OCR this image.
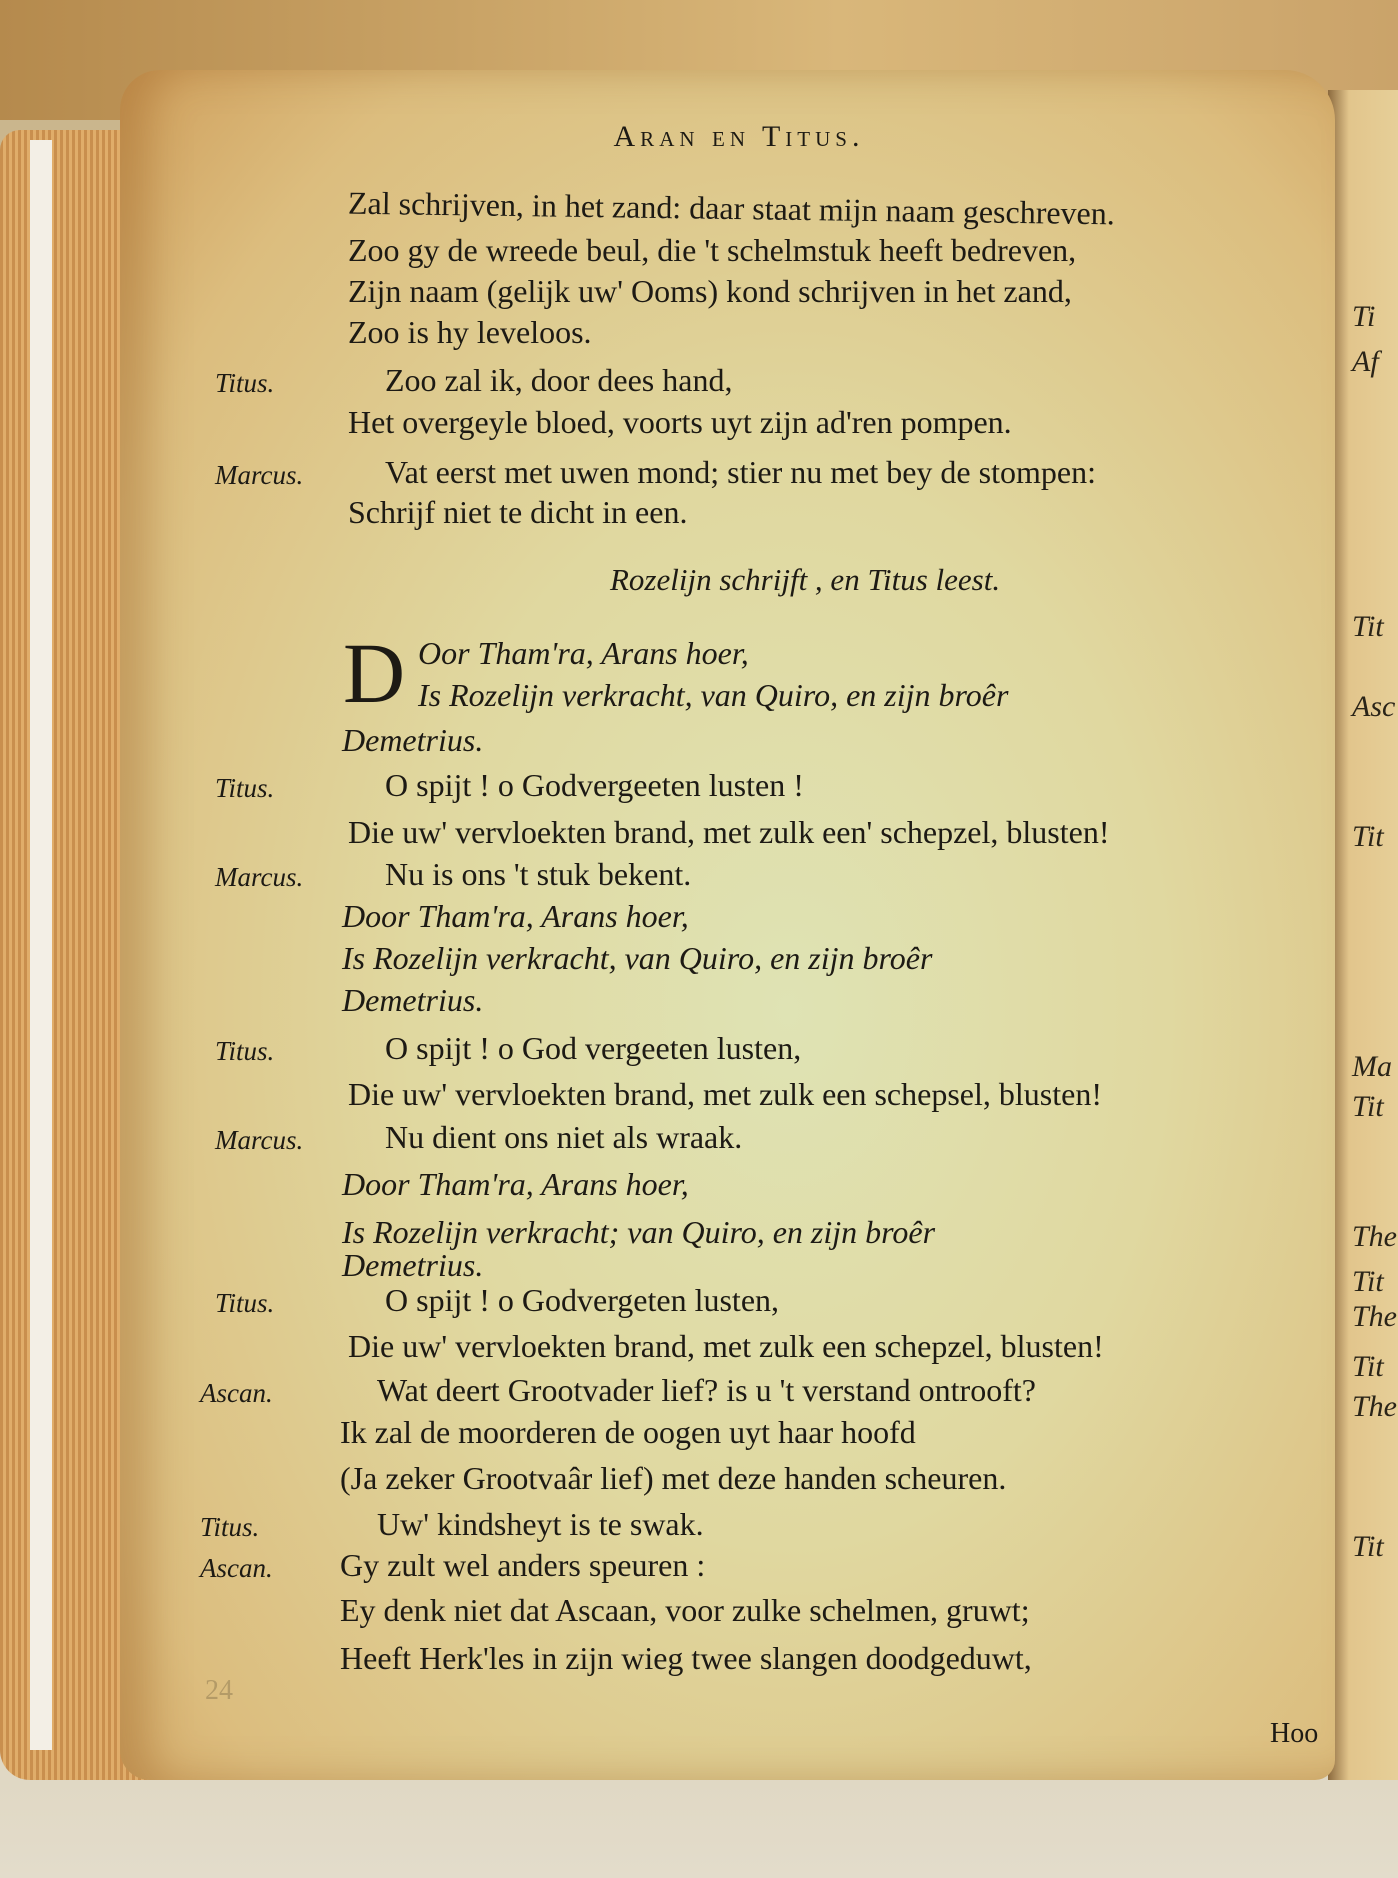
Aran en Titus.
Rozelijn schrijft , en Titus leest.
D
24
Hoo
Zal schrijven, in het zand: daar staat mijn naam geschreven.
Zoo gy de wreede beul, die 't schelmstuk heeft bedreven,
Zijn naam (gelijk uw' Ooms) kond schrijven in het zand,
Zoo is hy leveloos.
Titus.	Zoo zal ik, door dees hand,
Het overgeyle bloed, voorts uyt zijn ad'ren pompen.
Marcus.	Vat eerst met uwen mond; stier nu met bey de stompen:
Schrijf niet te dicht in een.
Oor Tham'ra, Arans hoer,
Is Rozelijn verkracht, van Quiro, en zijn broêr
Demetrius.
Titus.	O spijt ! o Godvergeeten lusten !
Die uw' vervloekten brand, met zulk een' schepzel, blusten!
Marcus.	Nu is ons 't stuk bekent.
Door Tham'ra, Arans hoer,
Is Rozelijn verkracht, van Quiro, en zijn broêr
Demetrius.
Titus.	O spijt ! o God vergeeten lusten,
Die uw' vervloekten brand, met zulk een schepsel, blusten!
Marcus.	Nu dient ons niet als wraak.
Door Tham'ra, Arans hoer,
Is Rozelijn verkracht; van Quiro, en zijn broêr
Demetrius.
Titus.	O spijt ! o Godvergeten lusten,
Die uw' vervloekten brand, met zulk een schepzel, blusten!
Ascan.	Wat deert Grootvader lief? is u 't verstand ontrooft?
Ik zal de moorderen de oogen uyt haar hoofd
(Ja zeker Grootvaâr lief) met deze handen scheuren.
Titus.	Uw' kindsheyt is te swak.
Ascan. Gy zult wel anders speuren :
Ey denk niet dat Ascaan, voor zulke schelmen, gruwt;
Heeft Herk'les in zijn wieg twee slangen doodgeduwt,
Ti
Af
Tit
Asc
Tit
Ma
Tit
The
Tit
The
Tit
The
Tit
